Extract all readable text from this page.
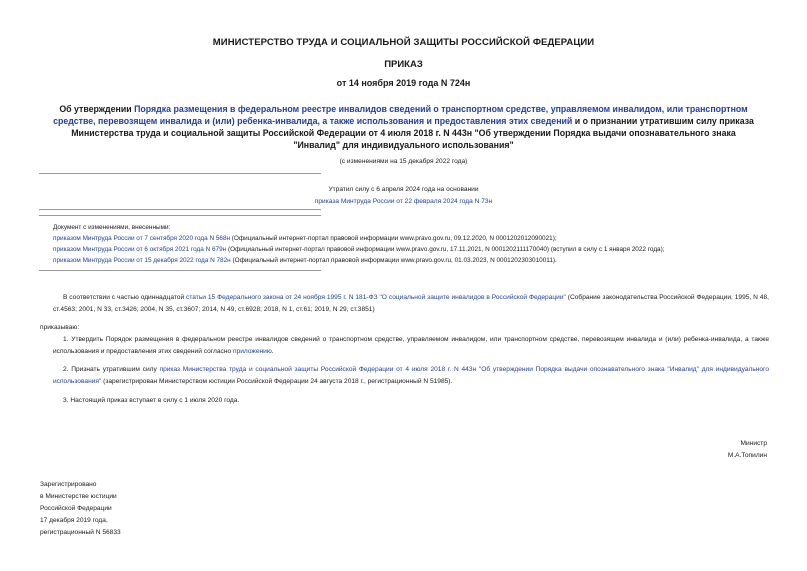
МИНИСТЕРСТВО ТРУДА И СОЦИАЛЬНОЙ ЗАЩИТЫ РОССИЙСКОЙ ФЕДЕРАЦИИ
ПРИКАЗ
от 14 ноября 2019 года N 724н
Об утверждении Порядка размещения в федеральном реестре инвалидов сведений о транспортном средстве, управляемом инвалидом, или транспортном средстве, перевозящем инвалида и (или) ребенка-инвалида, а также использования и предоставления этих сведений и о признании утратившим силу приказа Министерства труда и социальной защиты Российской Федерации от 4 июля 2018 г. N 443н "Об утверждении Порядка выдачи опознавательного знака "Инвалид" для индивидуального использования"
(с изменениями на 15 декабря 2022 года)
Утратил силу с 6 апреля 2024 года на основании
приказа Минтруда России от 22 февраля 2024 года N 73н
Документ с изменениями, внесенными:
приказом Минтруда России от 7 сентября 2020 года N 568н (Официальный интернет-портал правовой информации www.pravo.gov.ru, 09.12.2020, N 0001202012090021);
приказом Минтруда России от 6 октября 2021 года N 679н (Официальный интернет-портал правовой информации www.pravo.gov.ru, 17.11.2021, N 0001202111170040) (вступил в силу с 1 января 2022 года);
приказом Минтруда России от 15 декабря 2022 года N 782н (Официальный интернет-портал правовой информации www.pravo.gov.ru, 01.03.2023, N 0001202303010011).
В соответствии с частью одиннадцатой статьи 15 Федерального закона от 24 ноября 1995 г. N 181-ФЗ "О социальной защите инвалидов в Российской Федерации" (Собрание законодательства Российской Федерации, 1995, N 48, ст.4563; 2001, N 33, ст.3426; 2004, N 35, ст.3607; 2014, N 49, ст.6928; 2018, N 1, ст.61; 2019, N 29, ст.3851)
приказываю:
1. Утвердить Порядок размещения в федеральном реестре инвалидов сведений о транспортном средстве, управляемом инвалидом, или транспортном средстве, перевозящем инвалида и (или) ребенка-инвалида, а также использования и предоставления этих сведений согласно приложению.
2. Признать утратившим силу приказ Министерства труда и социальной защиты Российской Федерации от 4 июля 2018 г. N 443н "Об утверждении Порядка выдачи опознавательного знака "Инвалид" для индивидуального использования" (зарегистрирован Министерством юстиции Российской Федерации 24 августа 2018 г., регистрационный N 51985).
3. Настоящий приказ вступает в силу с 1 июля 2020 года.
Министр
М.А.Топилин
Зарегистрировано
в Министерстве юстиции
Российской Федерации
17 декабря 2019 года,
регистрационный N 56833
